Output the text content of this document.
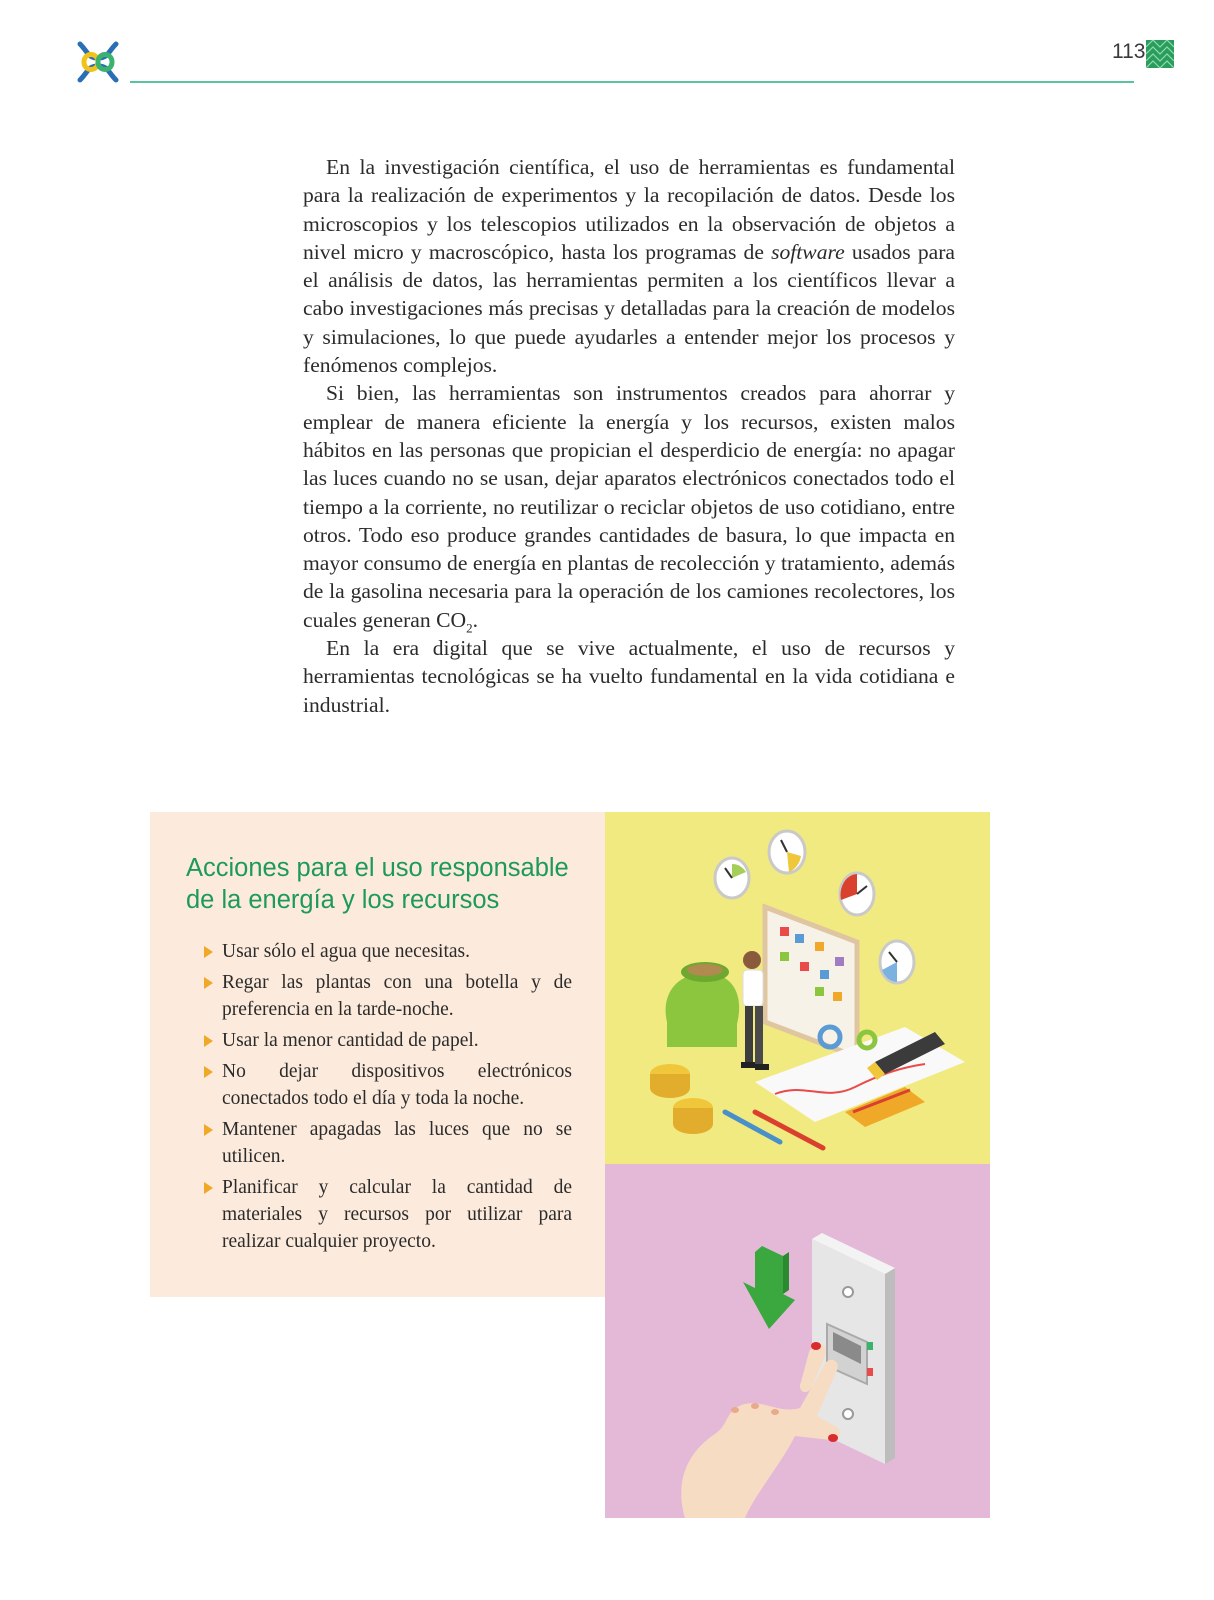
113

En la investigación científica, el uso de herramientas es fundamental para la realización de experimentos y la recopilación de datos. Desde los microscopios y los telescopios utilizados en la observación de objetos a nivel micro y macroscópico, hasta los programas de software usados para el análisis de datos, las herramientas permiten a los científicos llevar a cabo investigaciones más precisas y detalladas para la creación de modelos y simulaciones, lo que puede ayudarles a entender mejor los procesos y fenómenos complejos.

Si bien, las herramientas son instrumentos creados para ahorrar y emplear de manera eficiente la energía y los recursos, existen malos hábitos en las personas que propician el desperdicio de energía: no apagar las luces cuando no se usan, dejar aparatos electrónicos conectados todo el tiempo a la corriente, no reutilizar o reciclar objetos de uso cotidiano, entre otros. Todo eso produce grandes cantidades de basura, lo que impacta en mayor consumo de energía en plantas de recolección y tratamiento, además de la gasolina necesaria para la operación de los camiones recolectores, los cuales generan $CO_2$.

En la era digital que se vive actualmente, el uso de recursos y herramientas tecnológicas se ha vuelto fundamental en la vida cotidiana e industrial.

Acciones para el uso responsable
de la energía y los recursos
Usar sólo el agua que necesitas.
Regar las plantas con una botella y de preferencia en la tarde-noche.
Usar la menor cantidad de papel.
No dejar dispositivos electrónicos conectados todo el día y toda la noche.
Mantener apagadas las luces que no se utilicen.
Planificar y calcular la cantidad de materiales y recursos por utilizar para realizar cualquier proyecto.
